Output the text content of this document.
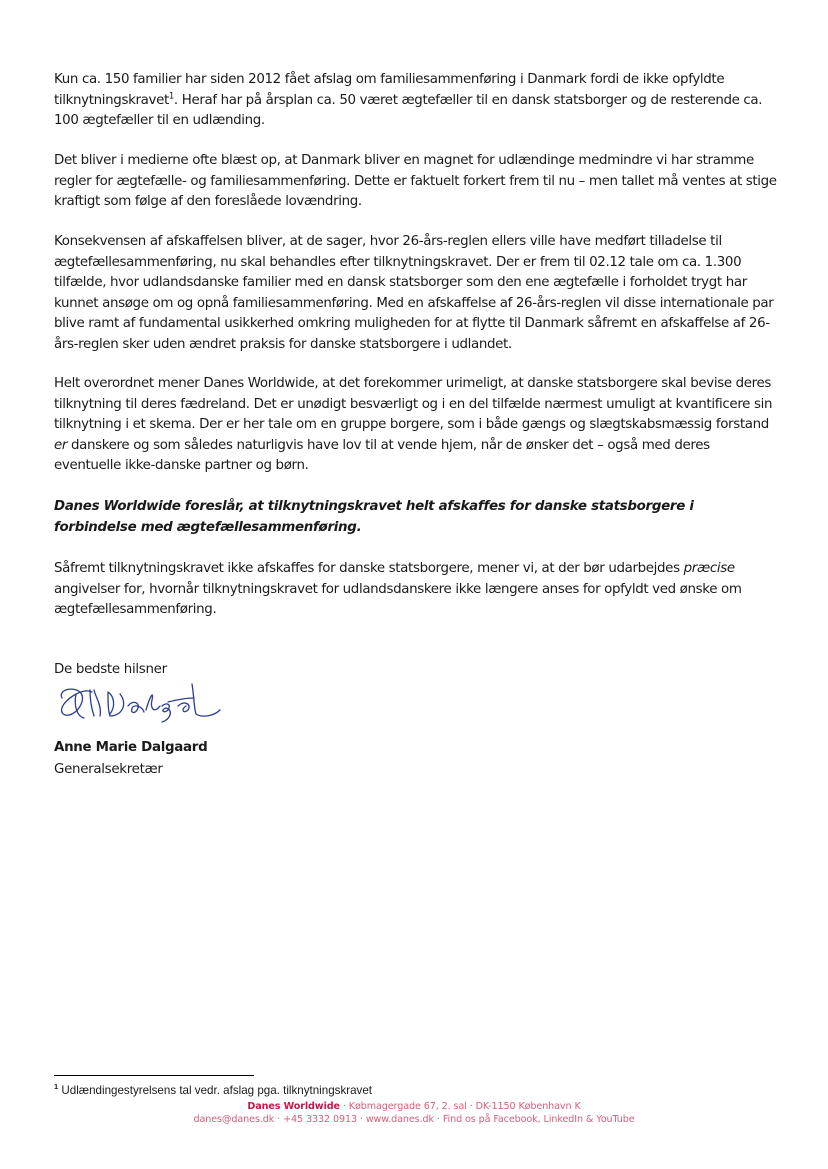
Kun ca. 150 familier har siden 2012 fået afslag om familiesammenføring i Danmark fordi de ikke opfyldte tilknytningskravet$^1$. Heraf har på årsplan ca. 50 været ægtefæller til en dansk statsborger og de resterende ca. 100 ægtefæller til en udlænding.

Det bliver i medierne ofte blæst op, at Danmark bliver en magnet for udlændinge medmindre vi har stramme regler for ægtefælle- og familiesammenføring. Dette er faktuelt forkert frem til nu – men tallet må ventes at stige kraftigt som følge af den foreslåede lovændring.

Konsekvensen af afskaffelsen bliver, at de sager, hvor 26-års-reglen ellers ville have medført tilladelse til ægtefællesammenføring, nu skal behandles efter tilknytningskravet. Der er frem til 02.12 tale om ca. 1.300 tilfælde, hvor udlandsdanske familier med en dansk statsborger som den ene ægtefælle i forholdet trygt har kunnet ansøge om og opnå familiesammenføring. Med en afskaffelse af 26-års-reglen vil disse internationale par blive ramt af fundamental usikkerhed omkring muligheden for at flytte til Danmark såfremt en afskaffelse af 26-års-reglen sker uden ændret praksis for danske statsborgere i udlandet.

Helt overordnet mener Danes Worldwide, at det forekommer urimeligt, at danske statsborgere skal bevise deres tilknytning til deres fædreland. Det er unødigt besværligt og i en del tilfælde nærmest umuligt at kvantificere sin tilknytning i et skema. Der er her tale om en gruppe borgere, som i både gængs og slægtskabsmæssig forstand er danskere og som således naturligvis have lov til at vende hjem, når de ønsker det – også med deres eventuelle ikke-danske partner og børn.

Danes Worldwide foreslår, at tilknytningskravet helt afskaffes for danske statsborgere i forbindelse med ægtefællesammenføring.

Såfremt tilknytningskravet ikke afskaffes for danske statsborgere, mener vi, at der bør udarbejdes præcise angivelser for, hvornår tilknytningskravet for udlandsdanskere ikke længere anses for opfyldt ved ønske om ægtefællesammenføring.

De bedste hilsner
Anne Marie Dalgaard
Generalsekretær
$^1$ Udlændingestyrelsens tal vedr. afslag pga. tilknytningskravet
Danes Worldwide · Købmagergade 67, 2. sal · DK-1150 København K
danes@danes.dk · +45 3332 0913 · www.danes.dk · Find os på Facebook, LinkedIn & YouTube
